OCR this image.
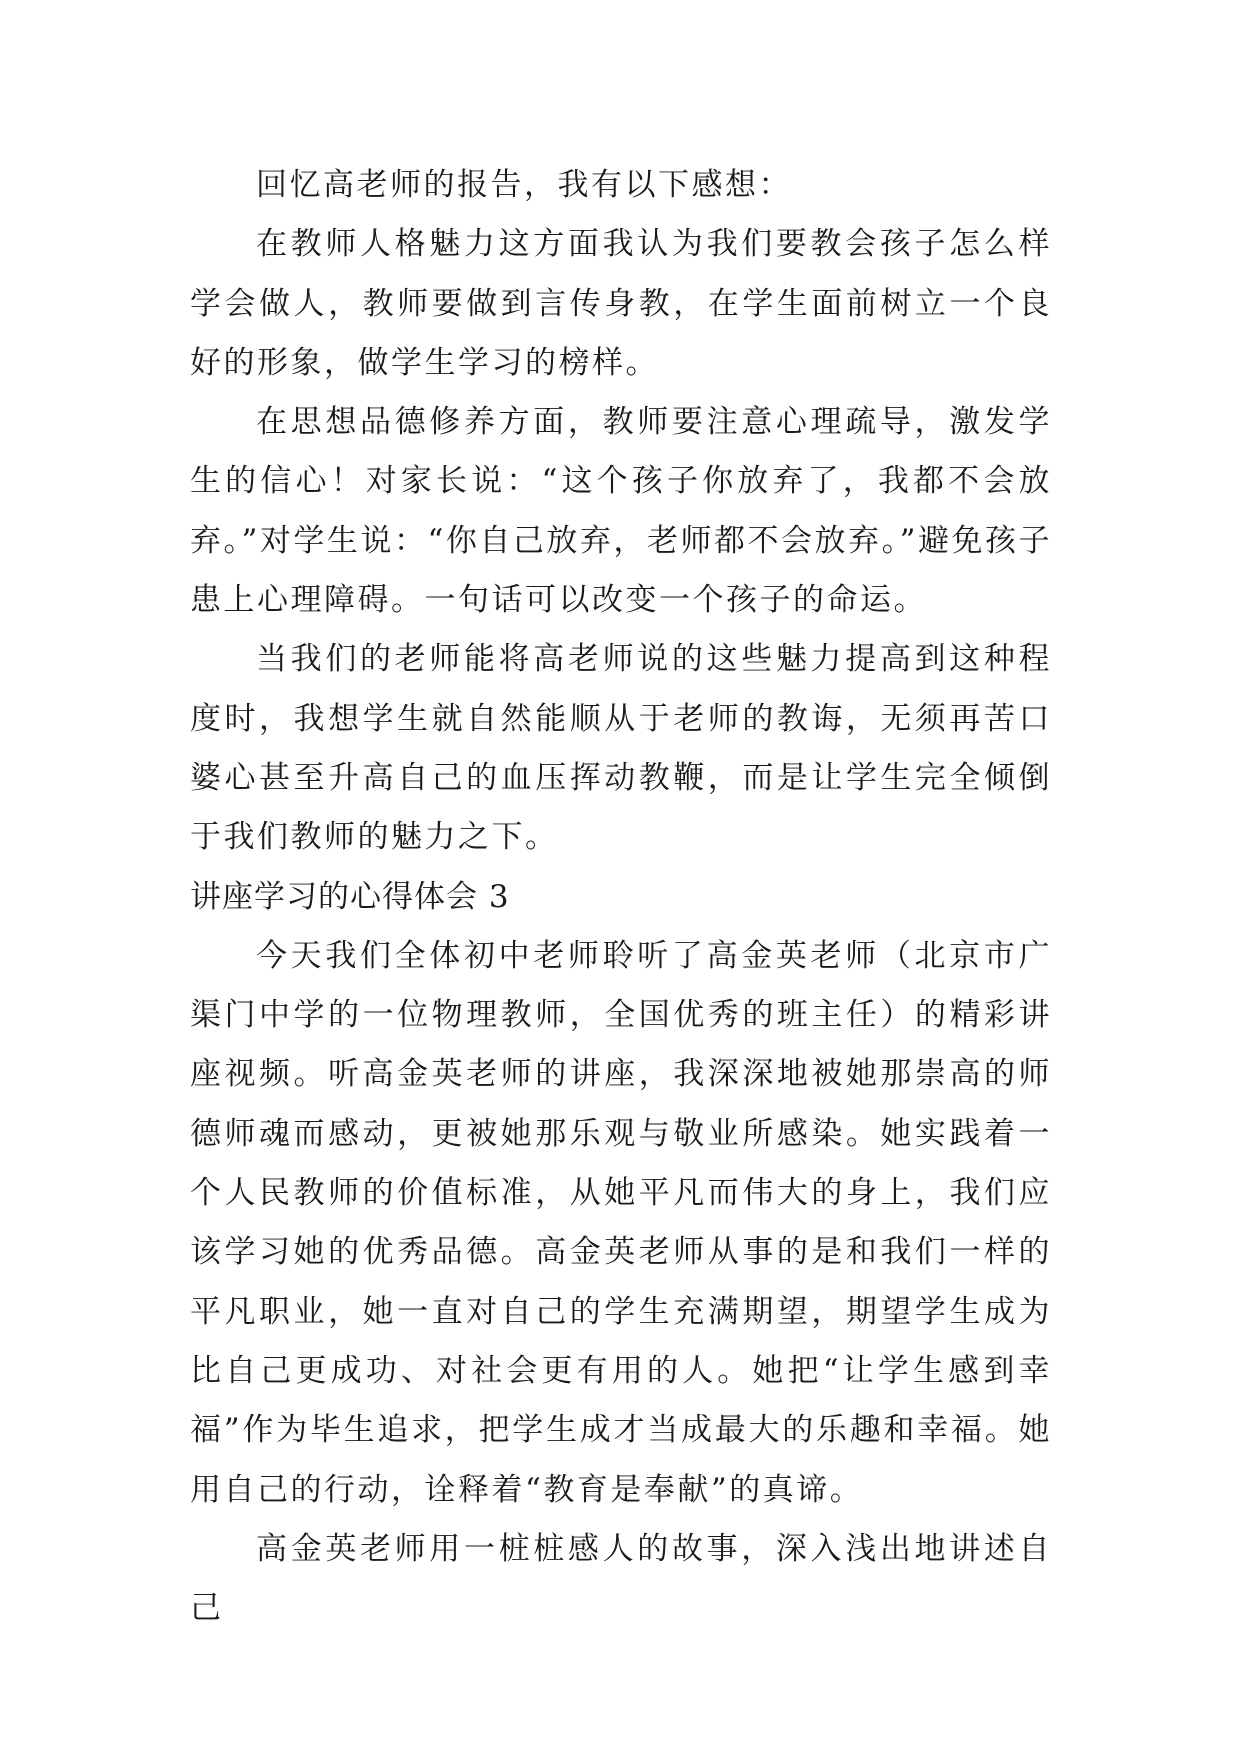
回忆高老师的报告，我有以下感想：

在教师人格魅力这方面我认为我们要教会孩子怎么样学会做人，教师要做到言传身教，在学生面前树立一个良好的形象，做学生学习的榜样。

在思想品德修养方面，教师要注意心理疏导，激发学生的信心！对家长说：“这个孩子你放弃了，我都不会放弃。”对学生说：“你自己放弃，老师都不会放弃。”避免孩子患上心理障碍。一句话可以改变一个孩子的命运。

当我们的老师能将高老师说的这些魅力提高到这种程度时，我想学生就自然能顺从于老师的教诲，无须再苦口婆心甚至升高自己的血压挥动教鞭，而是让学生完全倾倒于我们教师的魅力之下。

讲座学习的心得体会 3

今天我们全体初中老师聆听了高金英老师（北京市广渠门中学的一位物理教师，全国优秀的班主任）的精彩讲座视频。听高金英老师的讲座，我深深地被她那崇高的师德师魂而感动，更被她那乐观与敬业所感染。她实践着一个人民教师的价值标准，从她平凡而伟大的身上，我们应该学习她的优秀品德。高金英老师从事的是和我们一样的平凡职业，她一直对自己的学生充满期望，期望学生成为比自己更成功、对社会更有用的人。她把“让学生感到幸福”作为毕生追求，把学生成才当成最大的乐趣和幸福。她用自己的行动，诠释着“教育是奉献”的真谛。

高金英老师用一桩桩感人的故事，深入浅出地讲述自己
